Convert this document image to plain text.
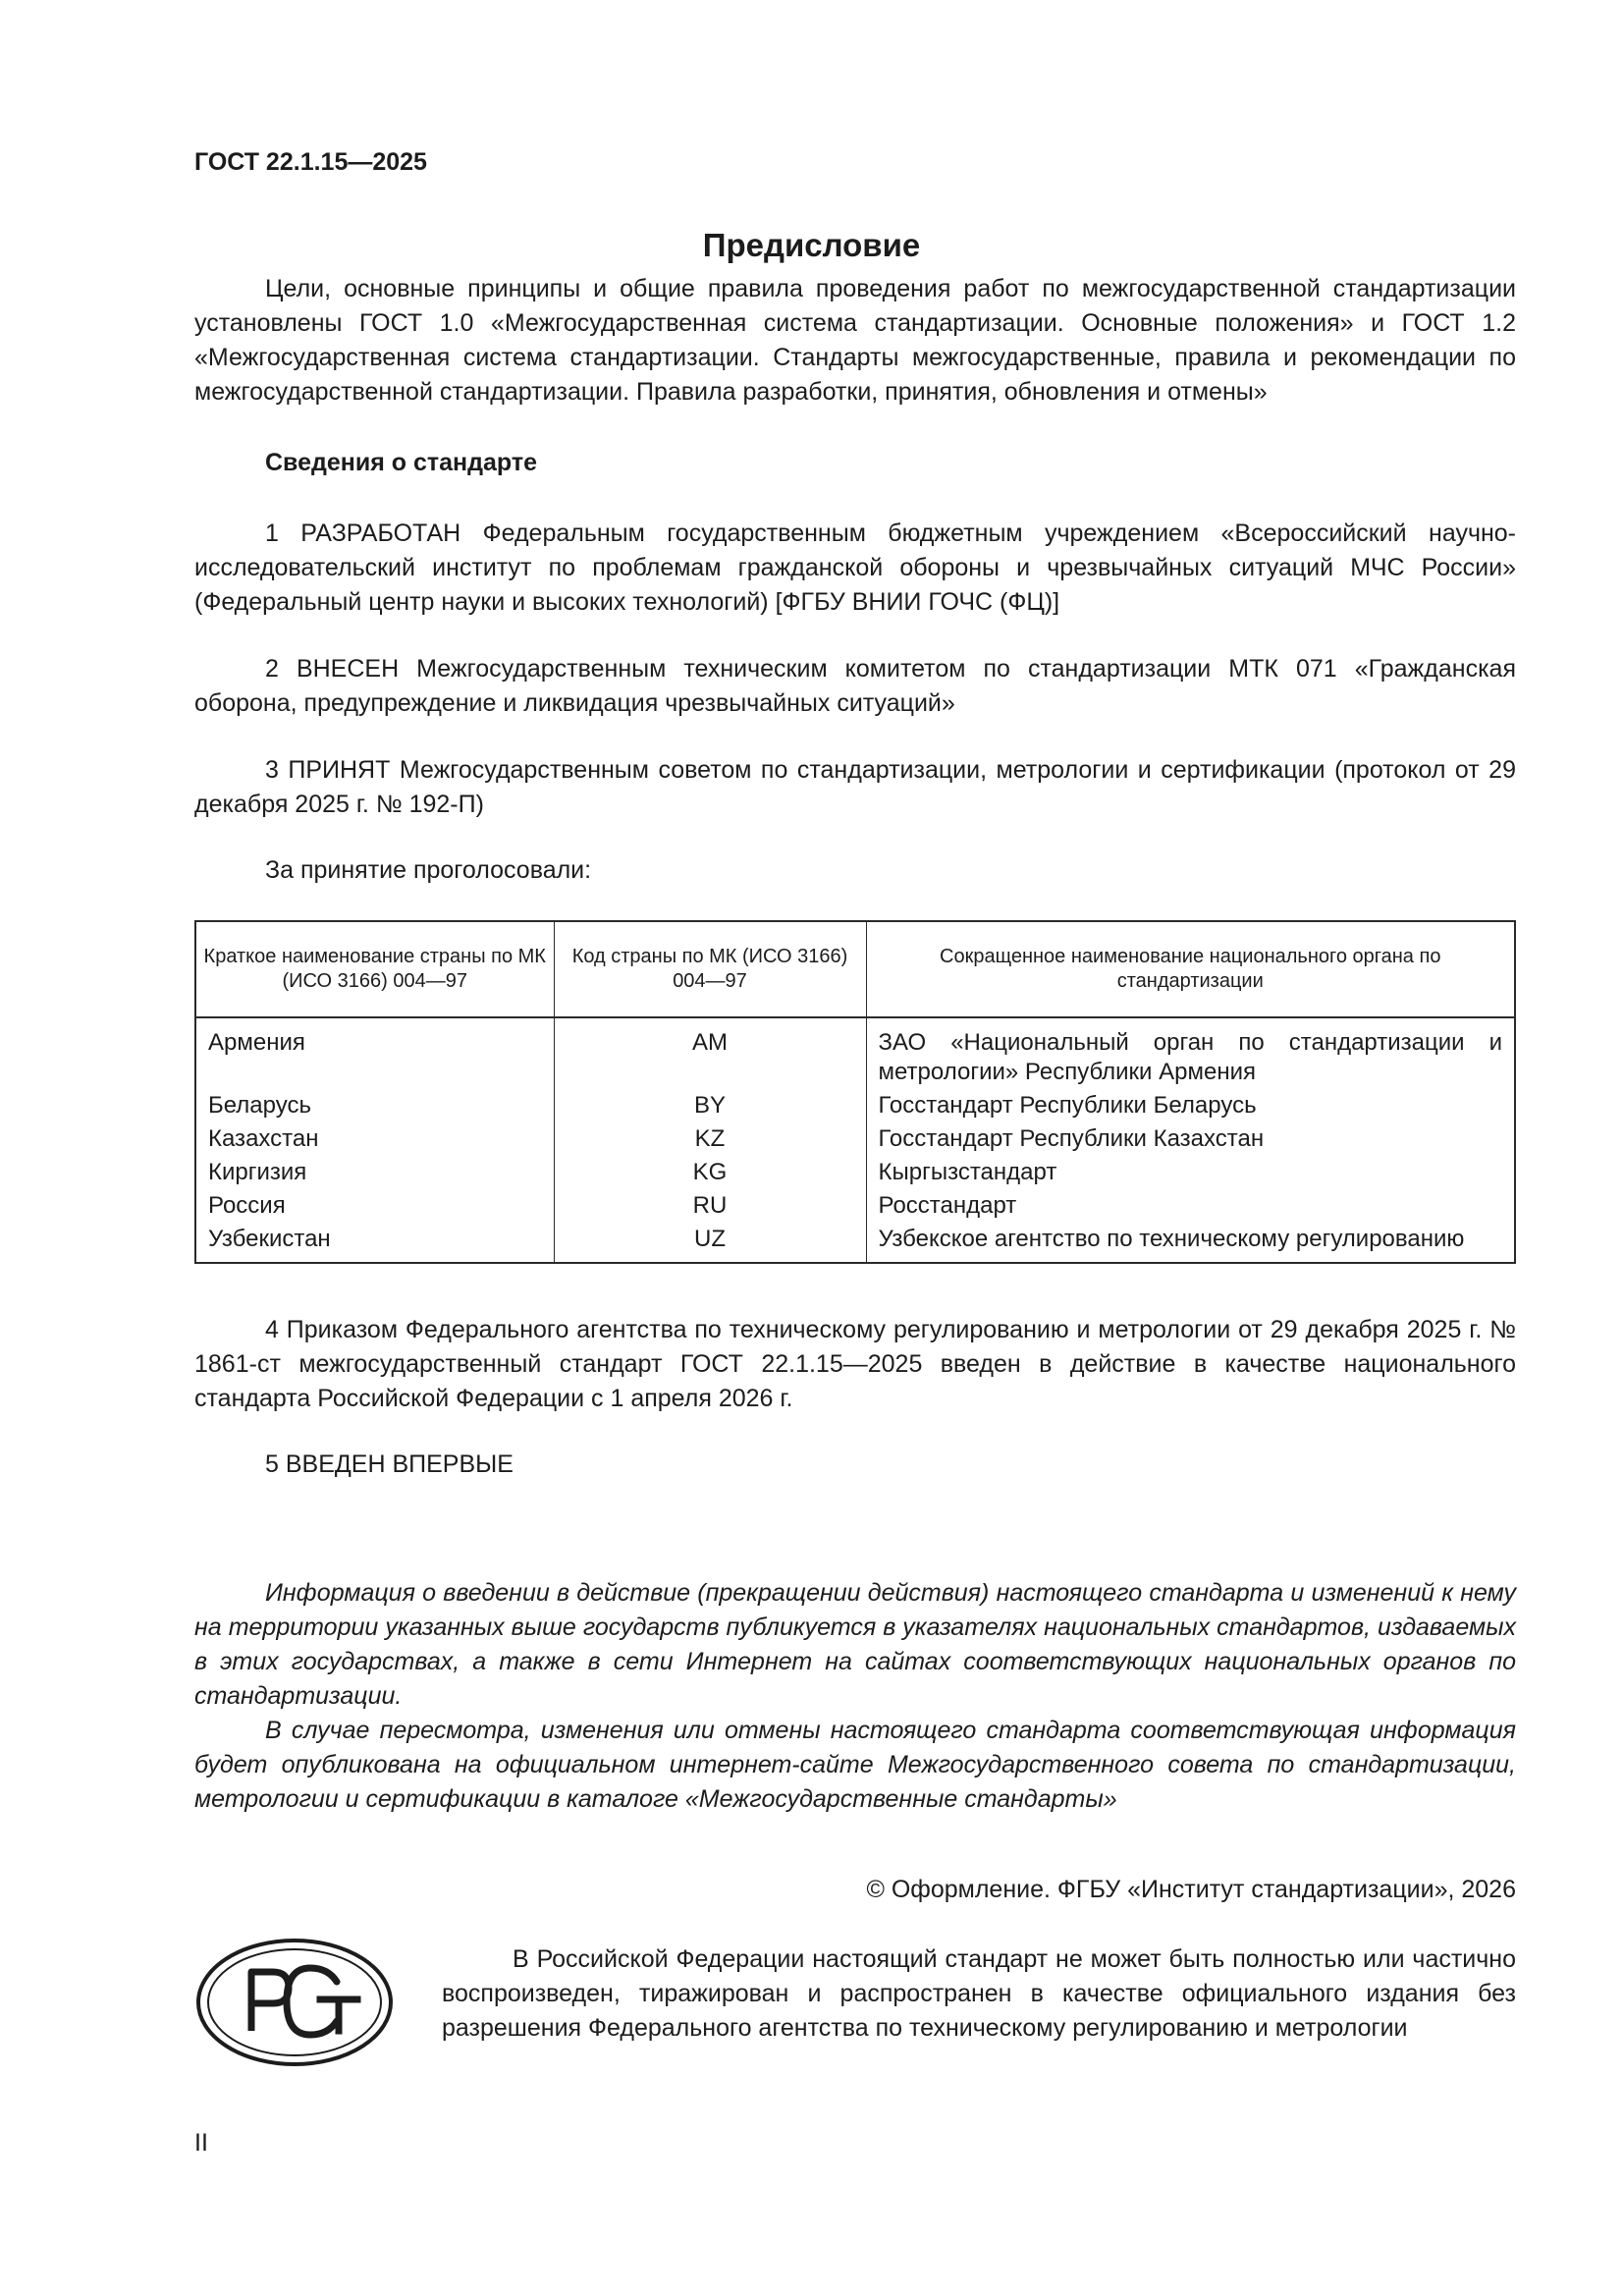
ГОСТ 22.1.15—2025
Предисловие

Цели, основные принципы и общие правила проведения работ по межгосударственной стандартизации установлены ГОСТ 1.0 «Межгосударственная система стандартизации. Основные положения» и ГОСТ 1.2 «Межгосударственная система стандартизации. Стандарты межгосударственные, правила и рекомендации по межгосударственной стандартизации. Правила разработки, принятия, обновления и отмены»

Сведения о стандарте

1 РАЗРАБОТАН Федеральным государственным бюджетным учреждением «Всероссийский научно-исследовательский институт по проблемам гражданской обороны и чрезвычайных ситуаций МЧС России» (Федеральный центр науки и высоких технологий) [ФГБУ ВНИИ ГОЧС (ФЦ)]

2 ВНЕСЕН Межгосударственным техническим комитетом по стандартизации МТК 071 «Гражданская оборона, предупреждение и ликвидация чрезвычайных ситуаций»

3 ПРИНЯТ Межгосударственным советом по стандартизации, метрологии и сертификации (протокол от 29 декабря 2025 г. № 192-П)

За принятие проголосовали:

Краткое наименование страны по МК (ИСО 3166) 004—97	Код страны по МК (ИСО 3166) 004—97	Сокращенное наименование национального органа по стандартизации
Армения	AM	ЗАО «Национальный орган по стандартизации и метрологии» Республики Армения
Беларусь	BY	Госстандарт Республики Беларусь
Казахстан	KZ	Госстандарт Республики Казахстан
Киргизия	KG	Кыргызстандарт
Россия	RU	Росстандарт
Узбекистан	UZ	Узбекское агентство по техническому регулированию

4 Приказом Федерального агентства по техническому регулированию и метрологии от 29 декабря 2025 г. № 1861-ст межгосударственный стандарт ГОСТ 22.1.15—2025 введен в действие в качестве национального стандарта Российской Федерации с 1 апреля 2026 г.

5 ВВЕДЕН ВПЕРВЫЕ

Информация о введении в действие (прекращении действия) настоящего стандарта и изменений к нему на территории указанных выше государств публикуется в указателях национальных стандартов, издаваемых в этих государствах, а также в сети Интернет на сайтах соответствующих национальных органов по стандартизации.

В случае пересмотра, изменения или отмены настоящего стандарта соответствующая информация будет опубликована на официальном интернет-сайте Межгосударственного совета по стандартизации, метрологии и сертификации в каталоге «Межгосударственные стандарты»

© Оформление. ФГБУ «Институт стандартизации», 2026

В Российской Федерации настоящий стандарт не может быть полностью или частично воспроизведен, тиражирован и распространен в качестве официального издания без разрешения Федерального агентства по техническому регулированию и метрологии

II
